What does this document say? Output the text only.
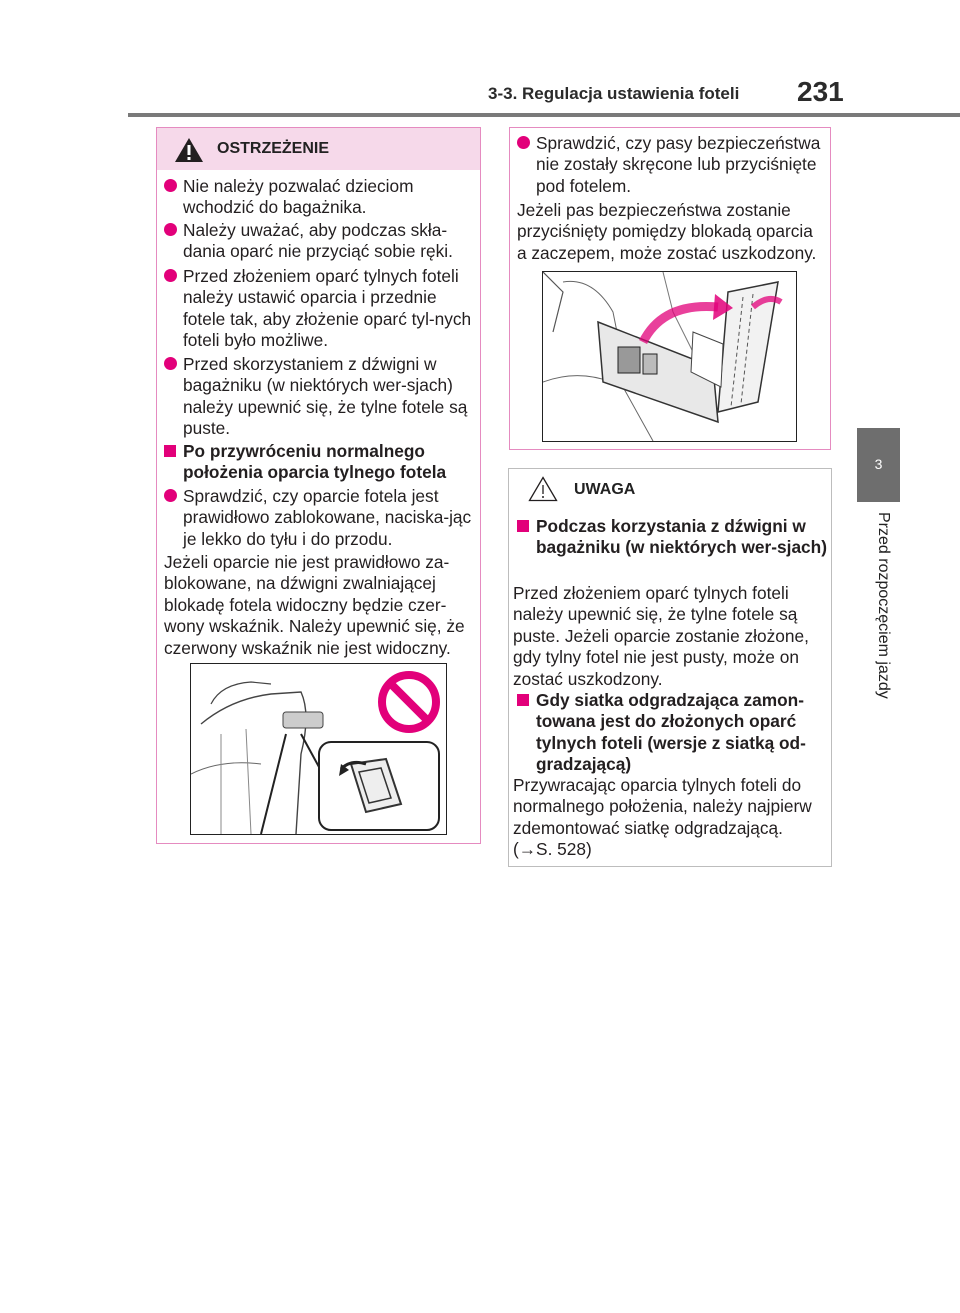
3-3. Regulacja ustawienia foteli 231
3
Przed rozpoczęciem jazdy
OSTRZEŻENIE
Nie należy pozwalać dzieciom wchodzić do bagażnika.
Należy uważać, aby podczas skła-dania oparć nie przyciąć sobie ręki.
Przed złożeniem oparć tylnych foteli należy ustawić oparcia i przednie fotele tak, aby złożenie oparć tyl-nych foteli było możliwe.
Przed skorzystaniem z dźwigni w bagażniku (w niektórych wer-sjach) należy upewnić się, że tylne fotele są puste.
Po przywróceniu normalnego położenia oparcia tylnego fotela
Sprawdzić, czy oparcie fotela jest prawidłowo zablokowane, naciska-jąc je lekko do tyłu i do przodu.
Jeżeli oparcie nie jest prawidłowo za-blokowane, na dźwigni zwalniającej blokadę fotela widoczny będzie czer-wony wskaźnik. Należy upewnić się, że czerwony wskaźnik nie jest widoczny.
Sprawdzić, czy pasy bezpieczeństwa nie zostały skręcone lub przyciśnięte pod fotelem.
Jeżeli pas bezpieczeństwa zostanie przyciśnięty pomiędzy blokadą oparcia a zaczepem, może zostać uszkodzony.
UWAGA
Podczas korzystania z dźwigni w bagażniku (w niektórych wer-sjach)
Przed złożeniem oparć tylnych foteli należy upewnić się, że tylne fotele są puste. Jeżeli oparcie zostanie złożone, gdy tylny fotel nie jest pusty, może on zostać uszkodzony.
Gdy siatka odgradzająca zamon-towana jest do złożonych oparć tylnych foteli (wersje z siatką od-gradzającą)
Przywracając oparcia tylnych foteli do normalnego położenia, należy najpierw zdemontować siatkę odgradzającą. (→S. 528)
